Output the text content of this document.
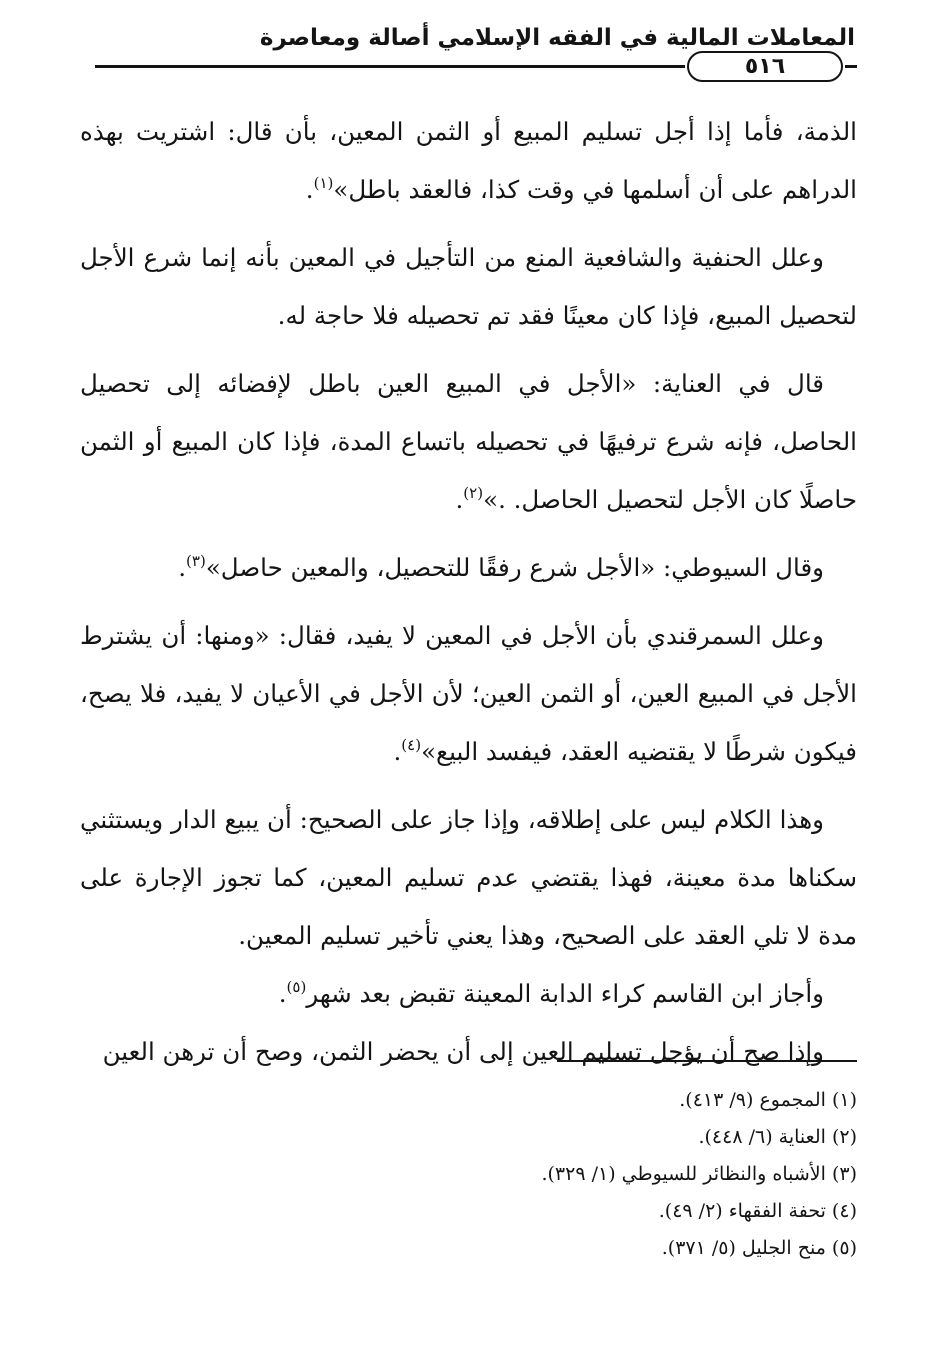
المعاملات المالية في الفقه الإسلامي أصالة ومعاصرة
٥١٦

الذمة، فأما إذا أجل تسليم المبيع أو الثمن المعين، بأن قال: اشتريت بهذه الدراهم على أن أسلمها في وقت كذا، فالعقد باطل»$^{(١)}$.

وعلل الحنفية والشافعية المنع من التأجيل في المعين بأنه إنما شرع الأجل لتحصيل المبيع، فإذا كان معينًا فقد تم تحصيله فلا حاجة له.

قال في العناية: «الأجل في المبيع العين باطل لإفضائه إلى تحصيل الحاصل، فإنه شرع ترفيهًا في تحصيله باتساع المدة، فإذا كان المبيع أو الثمن حاصلًا كان الأجل لتحصيل الحاصل. .»$^{(٢)}$.

وقال السيوطي: «الأجل شرع رفقًا للتحصيل، والمعين حاصل»$^{(٣)}$.

وعلل السمرقندي بأن الأجل في المعين لا يفيد، فقال: «ومنها: أن يشترط الأجل في المبيع العين، أو الثمن العين؛ لأن الأجل في الأعيان لا يفيد، فلا يصح، فيكون شرطًا لا يقتضيه العقد، فيفسد البيع»$^{(٤)}$.

وهذا الكلام ليس على إطلاقه، وإذا جاز على الصحيح: أن يبيع الدار ويستثني سكناها مدة معينة، فهذا يقتضي عدم تسليم المعين، كما تجوز الإجارة على مدة لا تلي العقد على الصحيح، وهذا يعني تأخير تسليم المعين.

وأجاز ابن القاسم كراء الدابة المعينة تقبض بعد شهر$^{(٥)}$.

وإذا صح أن يؤجل تسليم العين إلى أن يحضر الثمن، وصح أن ترهن العين

(١) المجموع (٩/ ٤١٣).
(٢) العناية (٦/ ٤٤٨).
(٣) الأشباه والنظائر للسيوطي (١/ ٣٢٩).
(٤) تحفة الفقهاء (٢/ ٤٩).
(٥) منح الجليل (٥/ ٣٧١).
